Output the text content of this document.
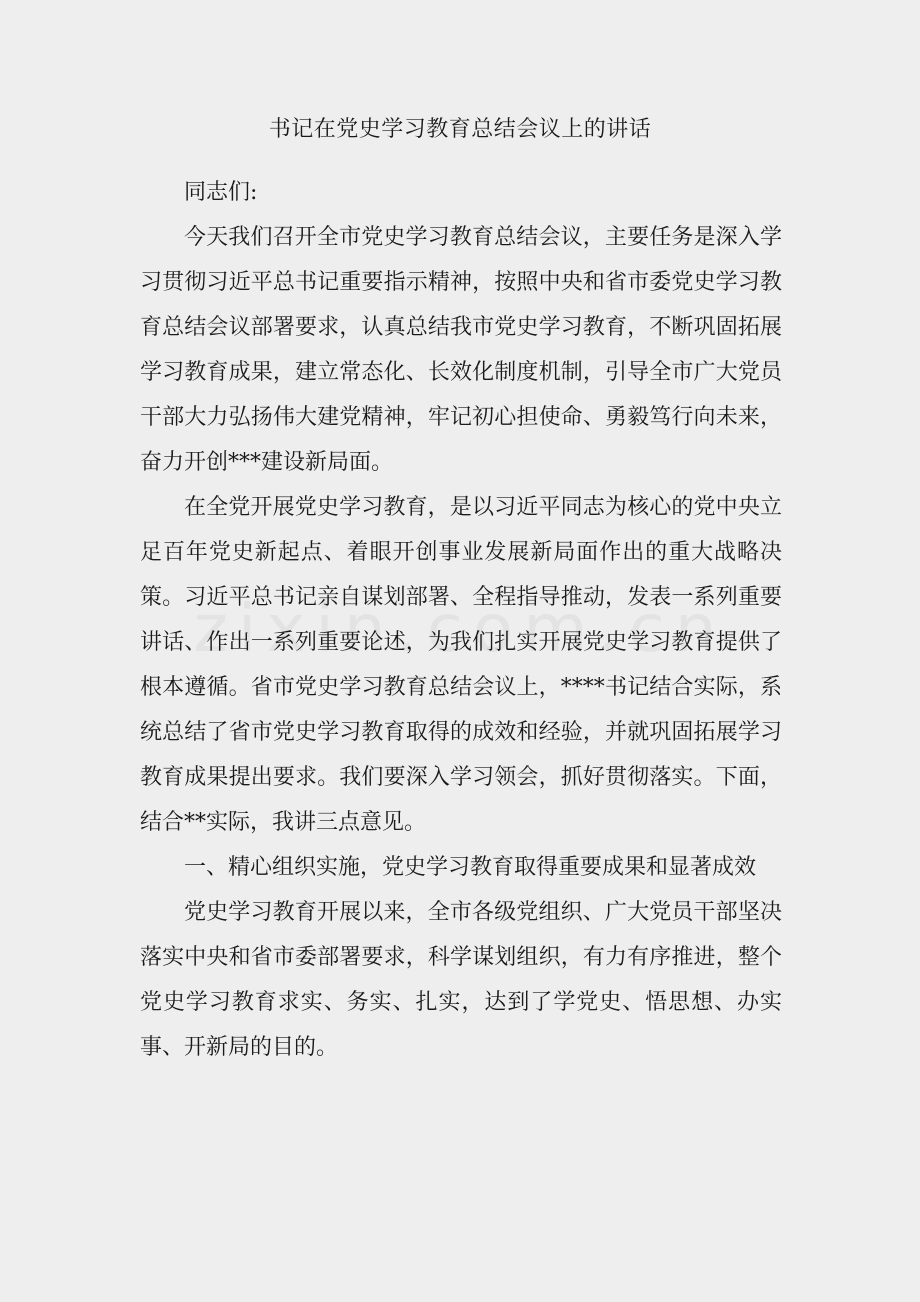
书记在党史学习教育总结会议上的讲话

同志们:

今天我们召开全市党史学习教育总结会议，主要任务是深入学习贯彻习近平总书记重要指示精神，按照中央和省市委党史学习教育总结会议部署要求，认真总结我市党史学习教育，不断巩固拓展学习教育成果，建立常态化、长效化制度机制，引导全市广大党员干部大力弘扬伟大建党精神，牢记初心担使命、勇毅笃行向未来，奋力开创***建设新局面。

在全党开展党史学习教育，是以习近平同志为核心的党中央立足百年党史新起点、着眼开创事业发展新局面作出的重大战略决策。习近平总书记亲自谋划部署、全程指导推动，发表一系列重要讲话、作出一系列重要论述，为我们扎实开展党史学习教育提供了根本遵循。省市党史学习教育总结会议上，****书记结合实际，系统总结了省市党史学习教育取得的成效和经验，并就巩固拓展学习教育成果提出要求。我们要深入学习领会，抓好贯彻落实。下面，结合**实际，我讲三点意见。

一、精心组织实施，党史学习教育取得重要成果和显著成效

党史学习教育开展以来，全市各级党组织、广大党员干部坚决落实中央和省市委部署要求，科学谋划组织，有力有序推进，整个党史学习教育求实、务实、扎实，达到了学党史、悟思想、办实事、开新局的目的。
